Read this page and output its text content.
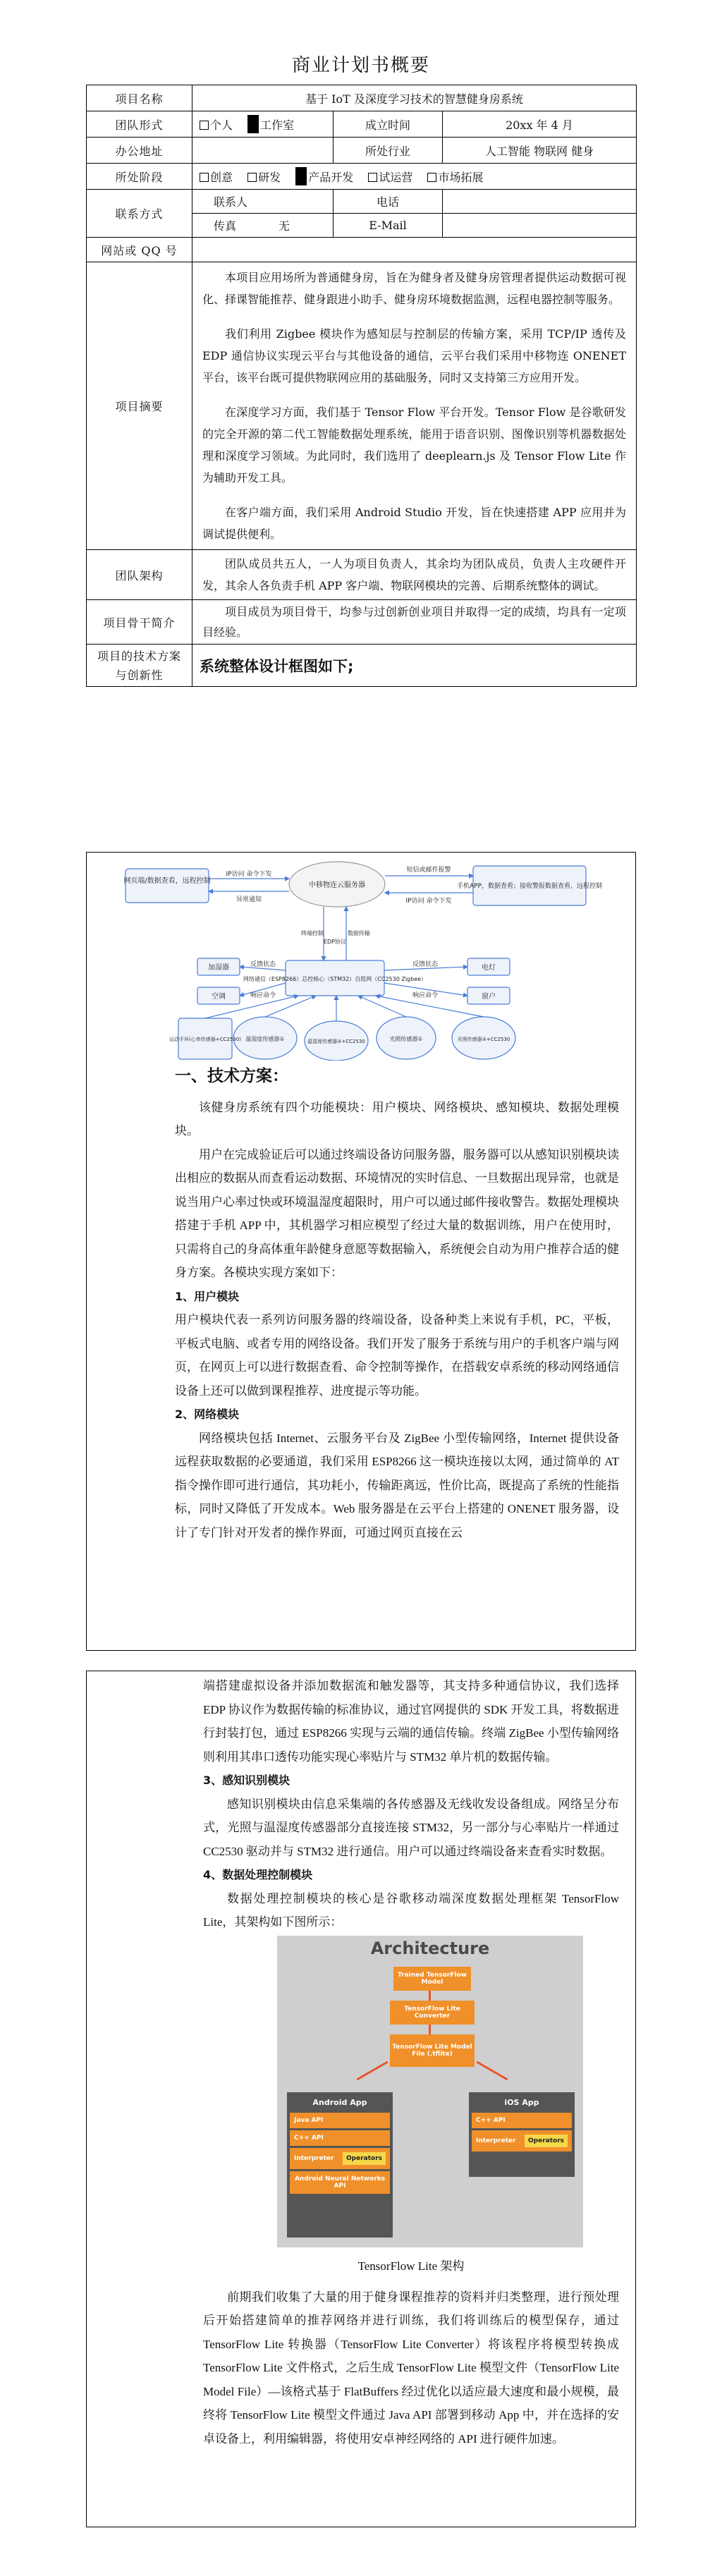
商业计划书概要
项目名称	基于 IoT 及深度学习技术的智慧健身房系统		
团队形式	个人 工作室	成立时间	20xx 年 4 月
办公地址		所处行业	人工智能 物联网 健身
所处阶段	创意 研发 产品开发 试运营 市场拓展		
联系方式	联系人	电话	
	传真 无	E-Mail	
网站或 QQ 号			
项目摘要	本项目应用场所为普通健身房，旨在为健身者及健身房管理者提供运动数据可视化、择课智能推荐、健身跟进小助手、健身房环境数据监测，远程电器控制等服务。

我们利用 Zigbee 模块作为感知层与控制层的传输方案，采用 TCP/IP 透传及 EDP 通信协议实现云平台与其他设备的通信，云平台我们采用中移物连 ONENET 平台，该平台既可提供物联网应用的基础服务，同时又支持第三方应用开发。

在深度学习方面，我们基于 Tensor Flow 平台开发。Tensor Flow 是谷歌研发的完全开源的第二代工智能数据处理系统，能用于语音识别、图像识别等机器数据处理和深度学习领域。为此同时，我们选用了 deeplearn.js 及 Tensor Flow Lite 作为辅助开发工具。

在客户端方面，我们采用 Android Studio 开发，旨在快速搭建 APP 应用并为调试提供便利。		

团队架构	团队成员共五人，一人为项目负责人，其余均为团队成员，负责人主攻硬件开发，其余人各负责手机 APP 客户端、物联网模块的完善、后期系统整体的调试。		

项目骨干简介	项目成员为项目骨干，均参与过创新创业项目并取得一定的成绩，均具有一定项目经验。		

项目的技术方案与创新性	系统整体设计框图如下;		
网页端/数据查看，远程控制
中移物连云服务器	手机APP，数据查看；接收警报数据查看，远程控制
网络通信（ESP8266）总控核心（STM32）自组网（CC2530 Zigbee）
加湿器
空调
电灯
窗户
运动手环(心率传感器+CC2530) 温湿度传感器①	温湿度传感器②+CC2530	光照传感器①	光照传感器②+CC2530
IP访问 命令下发
异常通知
短信或邮件报警
IP访问 命令下发
终端控制
EDP协议
数据传输
反馈状态
响应命令
反馈状态
响应命令
一、技术方案：

该健身房系统有四个功能模块：用户模块、网络模块、感知模块、数据处理模块。

用户在完成验证后可以通过终端设备访问服务器，服务器可以从感知识别模块读出相应的数据从而查看运动数据、环境情况的实时信息、一旦数据出现异常，也就是说当用户心率过快或环境温湿度超限时，用户可以通过邮件接收警告。数据处理模块搭建于手机 APP 中，其机器学习相应模型了经过大量的数据训练，用户在使用时，只需将自己的身高体重年龄健身意愿等数据输入，系统便会自动为用户推荐合适的健身方案。各模块实现方案如下：

1、用户模块

用户模块代表一系列访问服务器的终端设备，设备种类上来说有手机，PC，平板，平板式电脑、或者专用的网络设备。我们开发了服务于系统与用户的手机客户端与网页，在网页上可以进行数据查看、命令控制等操作，在搭载安卓系统的移动网络通信设备上还可以做到课程推荐、进度提示等功能。

2、网络模块

网络模块包括 Internet、云服务平台及 ZigBee 小型传输网络，Internet 提供设备远程获取数据的必要通道，我们采用 ESP8266 这一模块连接以太网，通过简单的 AT 指令操作即可进行通信，其功耗小，传输距离远，性价比高，既提高了系统的性能指标，同时又降低了开发成本。Web 服务器是在云平台上搭建的 ONENET 服务器，设计了专门针对开发者的操作界面，可通过网页直接在云

端搭建虚拟设备并添加数据流和触发器等，其支持多种通信协议，我们选择 EDP 协议作为数据传输的标准协议，通过官网提供的 SDK 开发工具，将数据进行封装打包，通过 ESP8266 实现与云端的通信传输。终端 ZigBee 小型传输网络则利用其串口透传功能实现心率贴片与 STM32 单片机的数据传输。

3、感知识别模块

感知识别模块由信息采集端的各传感器及无线收发设备组成。网络呈分布式，光照与温湿度传感器部分直接连接 STM32，另一部分与心率贴片一样通过 CC2530 驱动并与 STM32 进行通信。用户可以通过终端设备来查看实时数据。

4、数据处理控制模块

数据处理控制模块的核心是谷歌移动端深度数据处理框架 TensorFlow Lite，其架构如下图所示：

Architecture
Trained TensorFlow Model
TensorFlow Lite Converter
TensorFlow Lite Model File (.tflite)
Android App
Java API
C++ API
Interpreter	Operators
Android Neural Networks API
iOS App
C++ API
Interpreter	Operators

TensorFlow Lite 架构

前期我们收集了大量的用于健身课程推荐的资料并归类整理，进行预处理后开始搭建简单的推荐网络并进行训练，我们将训练后的模型保存，通过 TensorFlow Lite 转换器（TensorFlow Lite Converter）将该程序将模型转换成 TensorFlow Lite 文件格式，之后生成 TensorFlow Lite 模型文件（TensorFlow Lite Model File）—该格式基于 FlatBuffers 经过优化以适应最大速度和最小规模，最终将 TensorFlow Lite 模型文件通过 Java API 部署到移动 App 中，并在选择的安卓设备上，利用编辑器，将使用安卓神经网络的 API 进行硬件加速。
